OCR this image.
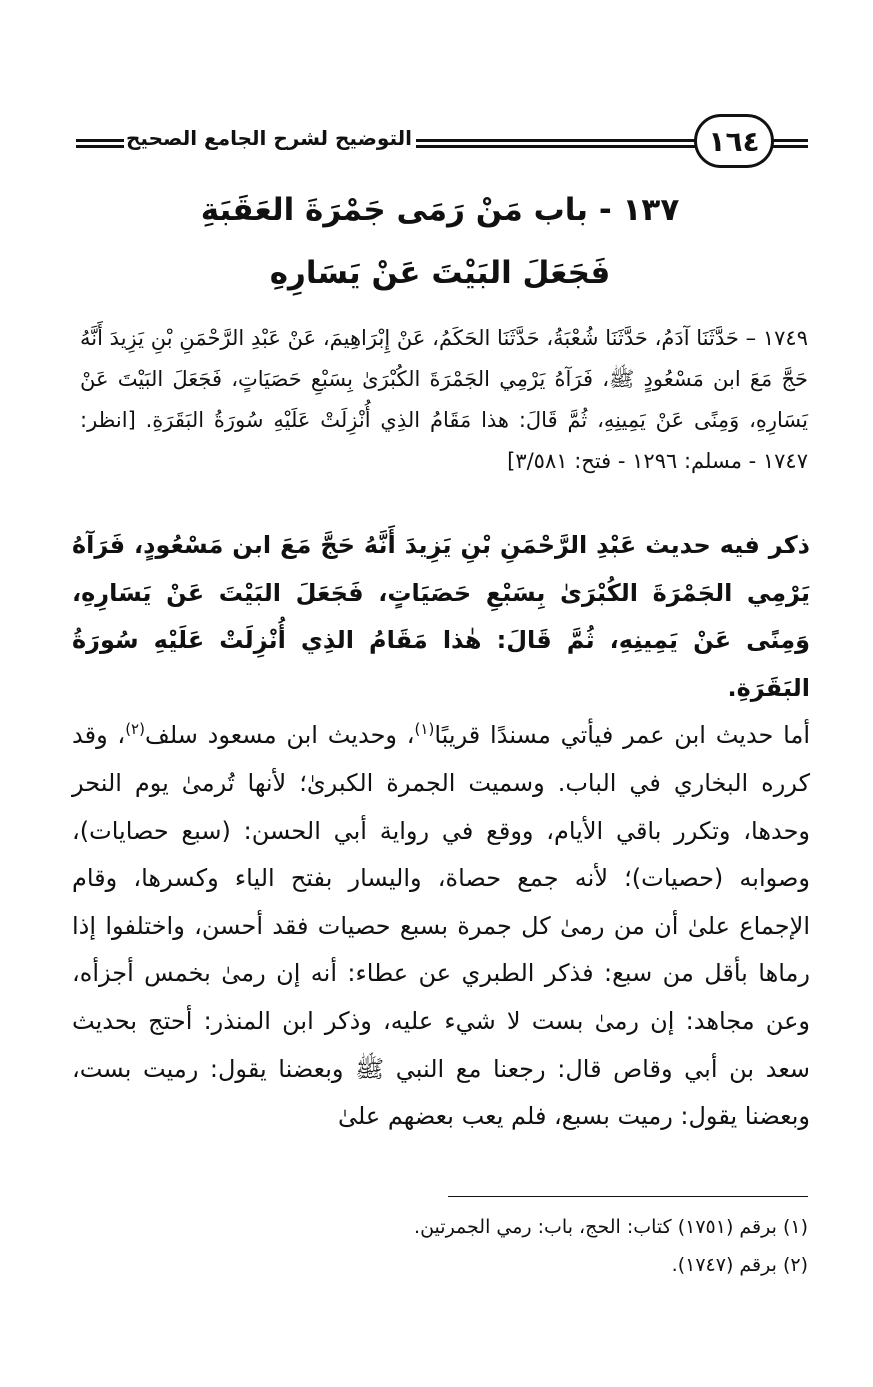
التوضيح لشرح الجامع الصحيح	١٦٤
١٣٧ - باب مَنْ رَمَى جَمْرَةَ العَقَبَةِ
فَجَعَلَ البَيْتَ عَنْ يَسَارِهِ
١٧٤٩ – حَدَّثَنَا آدَمُ، حَدَّثَنَا شُعْبَةُ، حَدَّثَنَا الحَكَمُ، عَنْ إِبْرَاهِيمَ، عَنْ عَبْدِ الرَّحْمَنِ بْنِ يَزِيدَ أَنَّهُ حَجَّ مَعَ ابن مَسْعُودٍ ﷺ، فَرَآهُ يَرْمِي الجَمْرَةَ الكُبْرَىٰ بِسَبْعِ حَصَيَاتٍ، فَجَعَلَ البَيْتَ عَنْ يَسَارِهِ، وَمِنًى عَنْ يَمِينِهِ، ثُمَّ قَالَ: هذا مَقَامُ الذِي أُنْزِلَتْ عَلَيْهِ سُورَةُ البَقَرَةِ. [انظر: ١٧٤٧ - مسلم: ١٢٩٦ - فتح: ٣/٥٨١]

ذكر فيه حديث عَبْدِ الرَّحْمَنِ بْنِ يَزِيدَ أَنَّهُ حَجَّ مَعَ ابن مَسْعُودٍ، فَرَآهُ يَرْمِي الجَمْرَةَ الكُبْرَىٰ بِسَبْعِ حَصَيَاتٍ، فَجَعَلَ البَيْتَ عَنْ يَسَارِهِ، وَمِنًى عَنْ يَمِينِهِ، ثُمَّ قَالَ: هٰذا مَقَامُ الذِي أُنْزِلَتْ عَلَيْهِ سُورَةُ البَقَرَةِ.

أما حديث ابن عمر فيأتي مسندًا قريبًا$^{(١)}$، وحديث ابن مسعود سلف$^{(٢)}$، وقد كرره البخاري في الباب. وسميت الجمرة الكبرىٰ؛ لأنها تُرمىٰ يوم النحر وحدها، وتكرر باقي الأيام، ووقع في رواية أبي الحسن: (سبع حصايات)، وصوابه (حصيات)؛ لأنه جمع حصاة، واليسار بفتح الياء وكسرها، وقام الإجماع علىٰ أن من رمىٰ كل جمرة بسبع حصيات فقد أحسن، واختلفوا إذا رماها بأقل من سبع: فذكر الطبري عن عطاء: أنه إن رمىٰ بخمس أجزأه، وعن مجاهد: إن رمىٰ بست لا شيء عليه، وذكر ابن المنذر: أحتج بحديث سعد بن أبي وقاص قال: رجعنا مع النبي ﷺ وبعضنا يقول: رميت بست، وبعضنا يقول: رميت بسبع، فلم يعب بعضهم علىٰ

(١) برقم (١٧٥١) كتاب: الحج، باب: رمي الجمرتين.
(٢) برقم (١٧٤٧).
